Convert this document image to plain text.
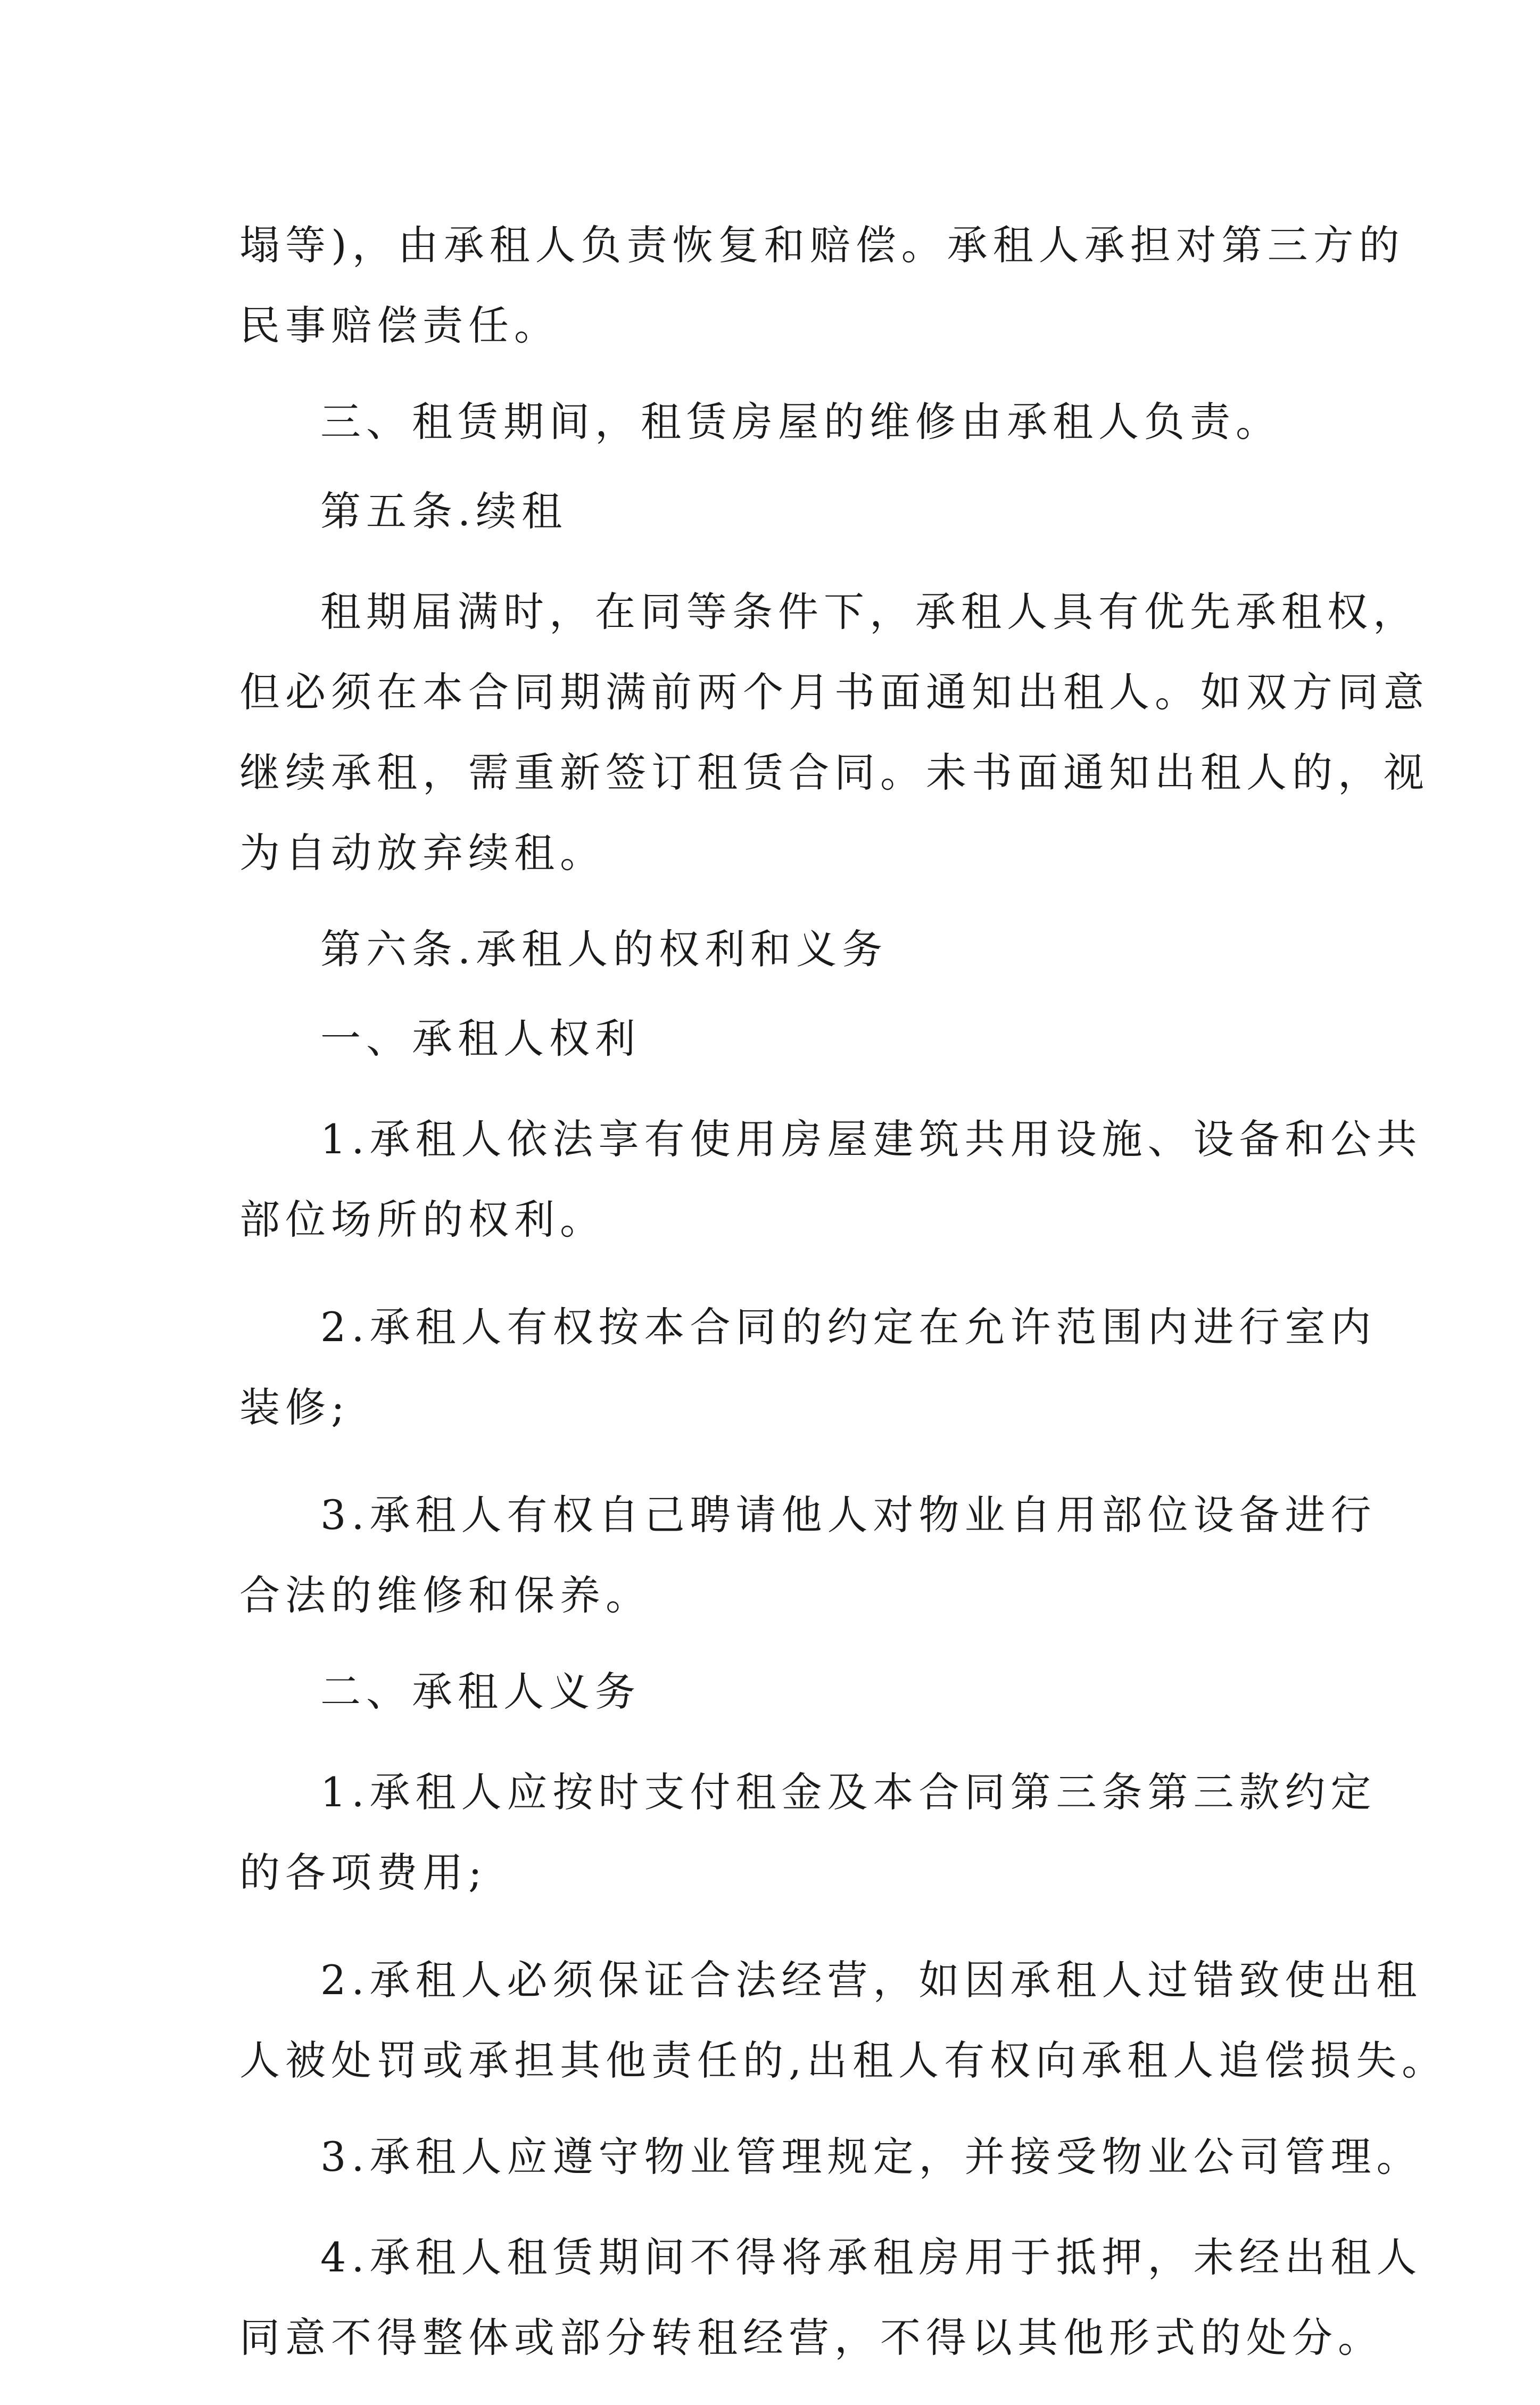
塌等)，由承租人负责恢复和赔偿。承租人承担对第三方的
民事赔偿责任。

三、租赁期间，租赁房屋的维修由承租人负责。

第五条.续租

租期届满时，在同等条件下，承租人具有优先承租权，
但必须在本合同期满前两个月书面通知出租人。如双方同意
继续承租，需重新签订租赁合同。未书面通知出租人的，视
为自动放弃续租。

第六条.承租人的权利和义务

一、承租人权利

1.承租人依法享有使用房屋建筑共用设施、设备和公共
部位场所的权利。

2.承租人有权按本合同的约定在允许范围内进行室内
装修;

3.承租人有权自己聘请他人对物业自用部位设备进行
合法的维修和保养。

二、承租人义务

1.承租人应按时支付租金及本合同第三条第三款约定
的各项费用;

2.承租人必须保证合法经营，如因承租人过错致使出租
人被处罚或承担其他责任的,出租人有权向承租人追偿损失。

3.承租人应遵守物业管理规定，并接受物业公司管理。

4.承租人租赁期间不得将承租房用于抵押，未经出租人
同意不得整体或部分转租经营，不得以其他形式的处分。
